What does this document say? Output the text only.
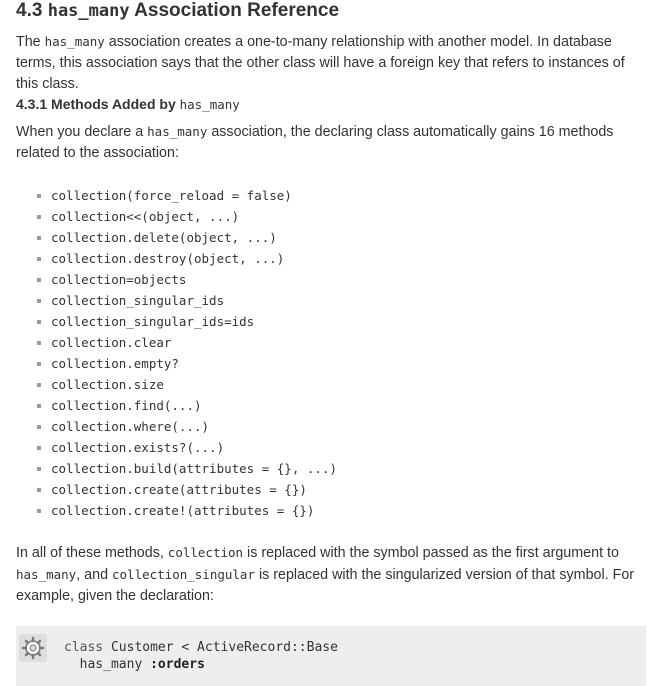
4.3 has_many Association Reference

The has_many association creates a one-to-many relationship with another model. In database terms, this association says that the other class will have a foreign key that refers to instances of this class.

4.3.1 Methods Added by has_many

When you declare a has_many association, the declaring class automatically gains 16 methods related to the association:

collection(force_reload = false)
collection<<(object, ...)
collection.delete(object, ...)
collection.destroy(object, ...)
collection=objects
collection_singular_ids
collection_singular_ids=ids
collection.clear
collection.empty?
collection.size
collection.find(...)
collection.where(...)
collection.exists?(...)
collection.build(attributes = {}, ...)
collection.create(attributes = {})
collection.create!(attributes = {})

In all of these methods, collection is replaced with the symbol passed as the first argument to has_many, and collection_singular is replaced with the singularized version of that symbol. For example, given the declaration:

class Customer < ActiveRecord::Base
has_many :orders
